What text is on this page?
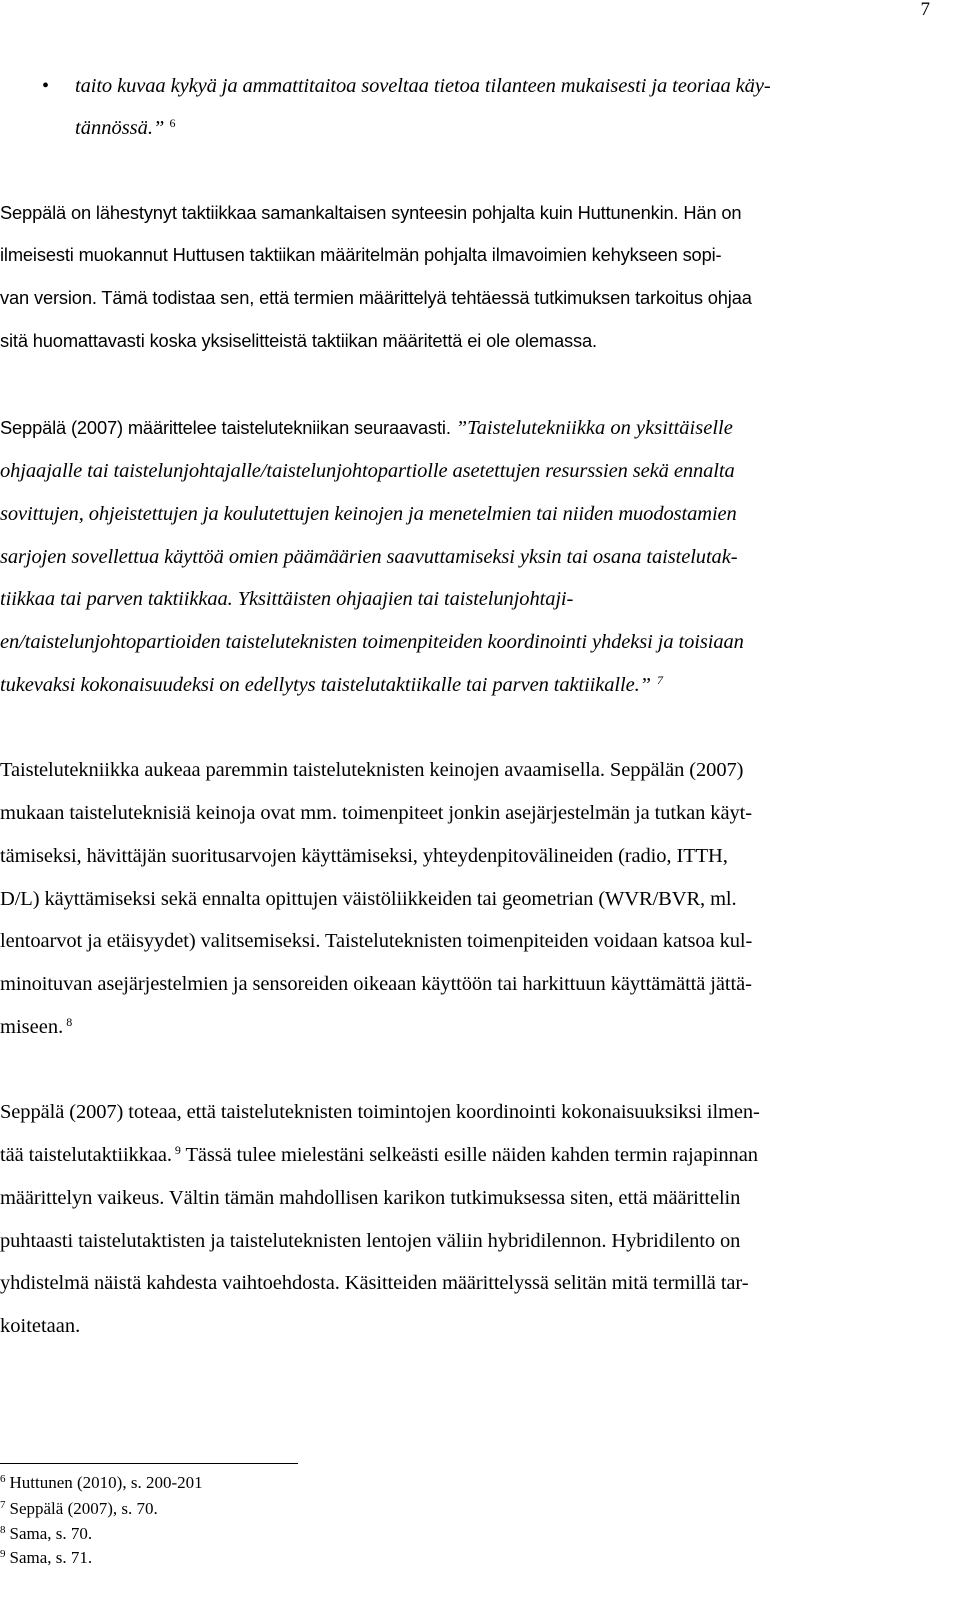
7
• taito kuvaa kykyä ja ammattitaitoa soveltaa tietoa tilanteen mukaisesti ja teoriaa käy-
tännössä.” $^6$
Seppälä on lähestynyt taktiikkaa samankaltaisen synteesin pohjalta kuin Huttunenkin. Hän on
ilmeisesti muokannut Huttusen taktiikan määritelmän pohjalta ilmavoimien kehykseen sopi-
van version. Tämä todistaa sen, että termien määrittelyä tehtäessä tutkimuksen tarkoitus ohjaa
sitä huomattavasti koska yksiselitteistä taktiikan määritettä ei ole olemassa.
Seppälä (2007) määrittelee taistelutekniikan seuraavasti. ”Taistelutekniikka on yksittäiselle
ohjaajalle tai taistelunjohtajalle/taistelunjohtopartiolle asetettujen resurssien sekä ennalta
sovittujen, ohjeistettujen ja koulutettujen keinojen ja menetelmien tai niiden muodostamien
sarjojen sovellettua käyttöä omien päämäärien saavuttamiseksi yksin tai osana taistelutak-
tiikkaa tai parven taktiikkaa. Yksittäisten ohjaajien tai taistelunjohtaji-
en/taistelunjohtopartioiden taisteluteknisten toimenpiteiden koordinointi yhdeksi ja toisiaan
tukevaksi kokonaisuudeksi on edellytys taistelutaktiikalle tai parven taktiikalle.” $^7$
Taistelutekniikka aukeaa paremmin taisteluteknisten keinojen avaamisella. Seppälän (2007)
mukaan taisteluteknisiä keinoja ovat mm. toimenpiteet jonkin asejärjestelmän ja tutkan käyt-
tämiseksi, hävittäjän suoritusarvojen käyttämiseksi, yhteydenpitovälineiden (radio, ITTH,
D/L) käyttämiseksi sekä ennalta opittujen väistöliikkeiden tai geometrian (WVR/BVR, ml.
lentoarvot ja etäisyydet) valitsemiseksi. Taisteluteknisten toimenpiteiden voidaan katsoa kul-
minoituvan asejärjestelmien ja sensoreiden oikeaan käyttöön tai harkittuun käyttämättä jättä-
miseen. $^8$
Seppälä (2007) toteaa, että taisteluteknisten toimintojen koordinointi kokonaisuuksiksi ilmen-
tää taistelutaktiikkaa. $^9$ Tässä tulee mielestäni selkeästi esille näiden kahden termin rajapinnan
määrittelyn vaikeus. Vältin tämän mahdollisen karikon tutkimuksessa siten, että määrittelin
puhtaasti taistelutaktisten ja taisteluteknisten lentojen väliin hybridilennon. Hybridilento on
yhdistelmä näistä kahdesta vaihtoehdosta. Käsitteiden määrittelyssä selitän mitä termillä tar-
koitetaan.
$^6$ Huttunen (2010), s. 200-201
$^7$ Seppälä (2007), s. 70.
$^8$ Sama, s. 70.
$^9$ Sama, s. 71.
